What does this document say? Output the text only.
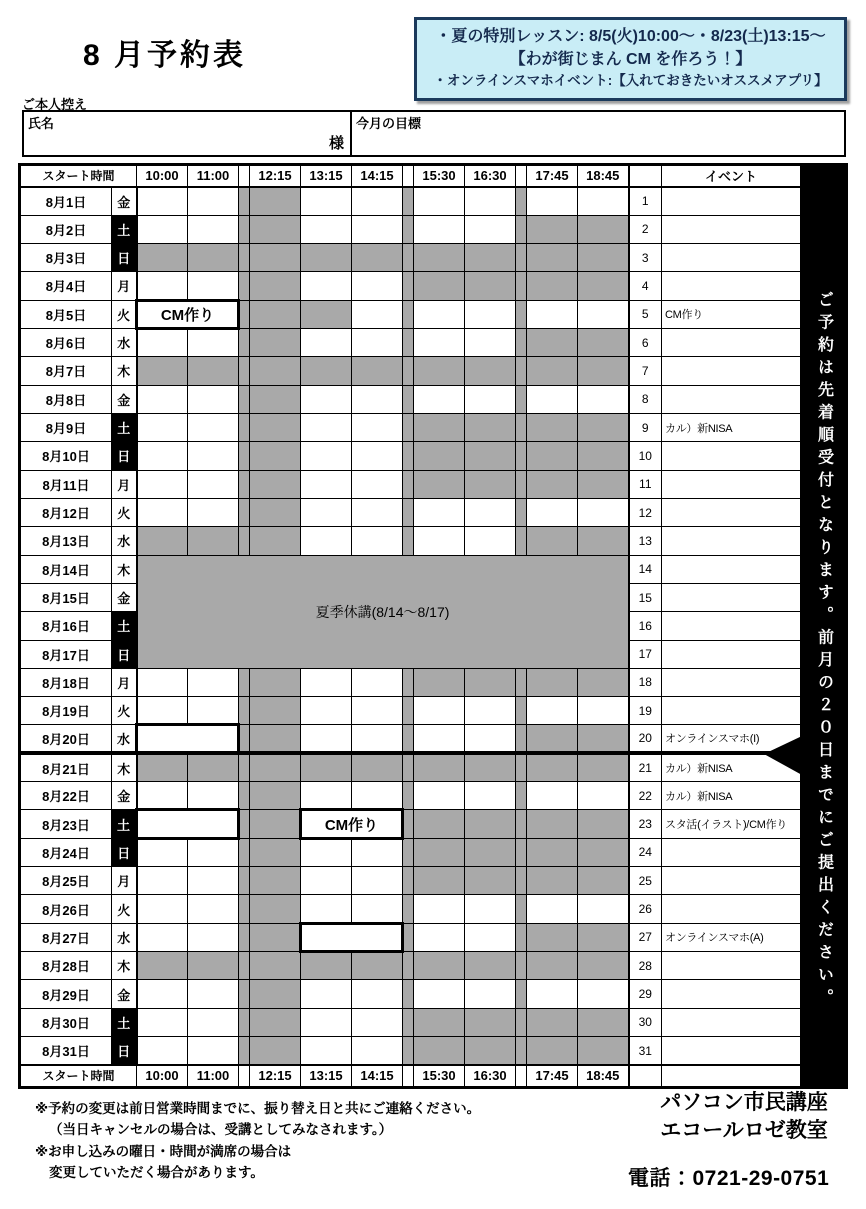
8 月予約表
・夏の特別レッスン: 8/5(火)10:00～・8/23(土)13:15～
【わが街じまん CM を作ろう！】
・オンラインスマホイベント:【入れておきたいオススメアプリ】
ご本人控え
氏名
様
今月の目標
スタート時間		10:00	11:00		12:15	13:15	14:15		15:30	16:30		17:45	18:45		イベント
8月1日	金													1	
8月2日	土													2	
8月3日	日													3	
8月4日	月													4	
8月5日	火	CM作り												5	CM作り
8月6日	水													6	
8月7日	木													7	
8月8日	金													8	
8月9日	土													9	カル）新NISA
8月10日	日													10	
8月11日	月													11	
8月12日	火													12	
8月13日	水													13	
8月14日	木	夏季休講(8/14～8/17)												14	
8月15日	金													15	
8月16日	土													16	
8月17日	日													17	
8月18日	月													18	
8月19日	火													19	
8月20日	水													20	オンラインスマホ(I)
8月21日	木													21	カル）新NISA
8月22日	金													22	カル）新NISA
8月23日	土					CM作り								23	スタ活(イラスト)/CM作り
8月24日	日													24	
8月25日	月													25	
8月26日	火													26	
8月27日	水													27	オンラインスマホ(A)
8月28日	木													28	
8月29日	金													29	
8月30日	土													30	
8月31日	日													31	
スタート時間		10:00	11:00		12:15	13:15	14:15		15:30	16:30		17:45	18:45		
ご予約は先着順受付となります。前月の２０日までにご提出ください。
※予約の変更は前日営業時間までに、振り替え日と共にご連絡ください。
（当日キャンセルの場合は、受講としてみなされます。）
※お申し込みの曜日・時間が満席の場合は
変更していただく場合があります。
パソコン市民講座
エコールロゼ教室
電話：0721-29-0751
